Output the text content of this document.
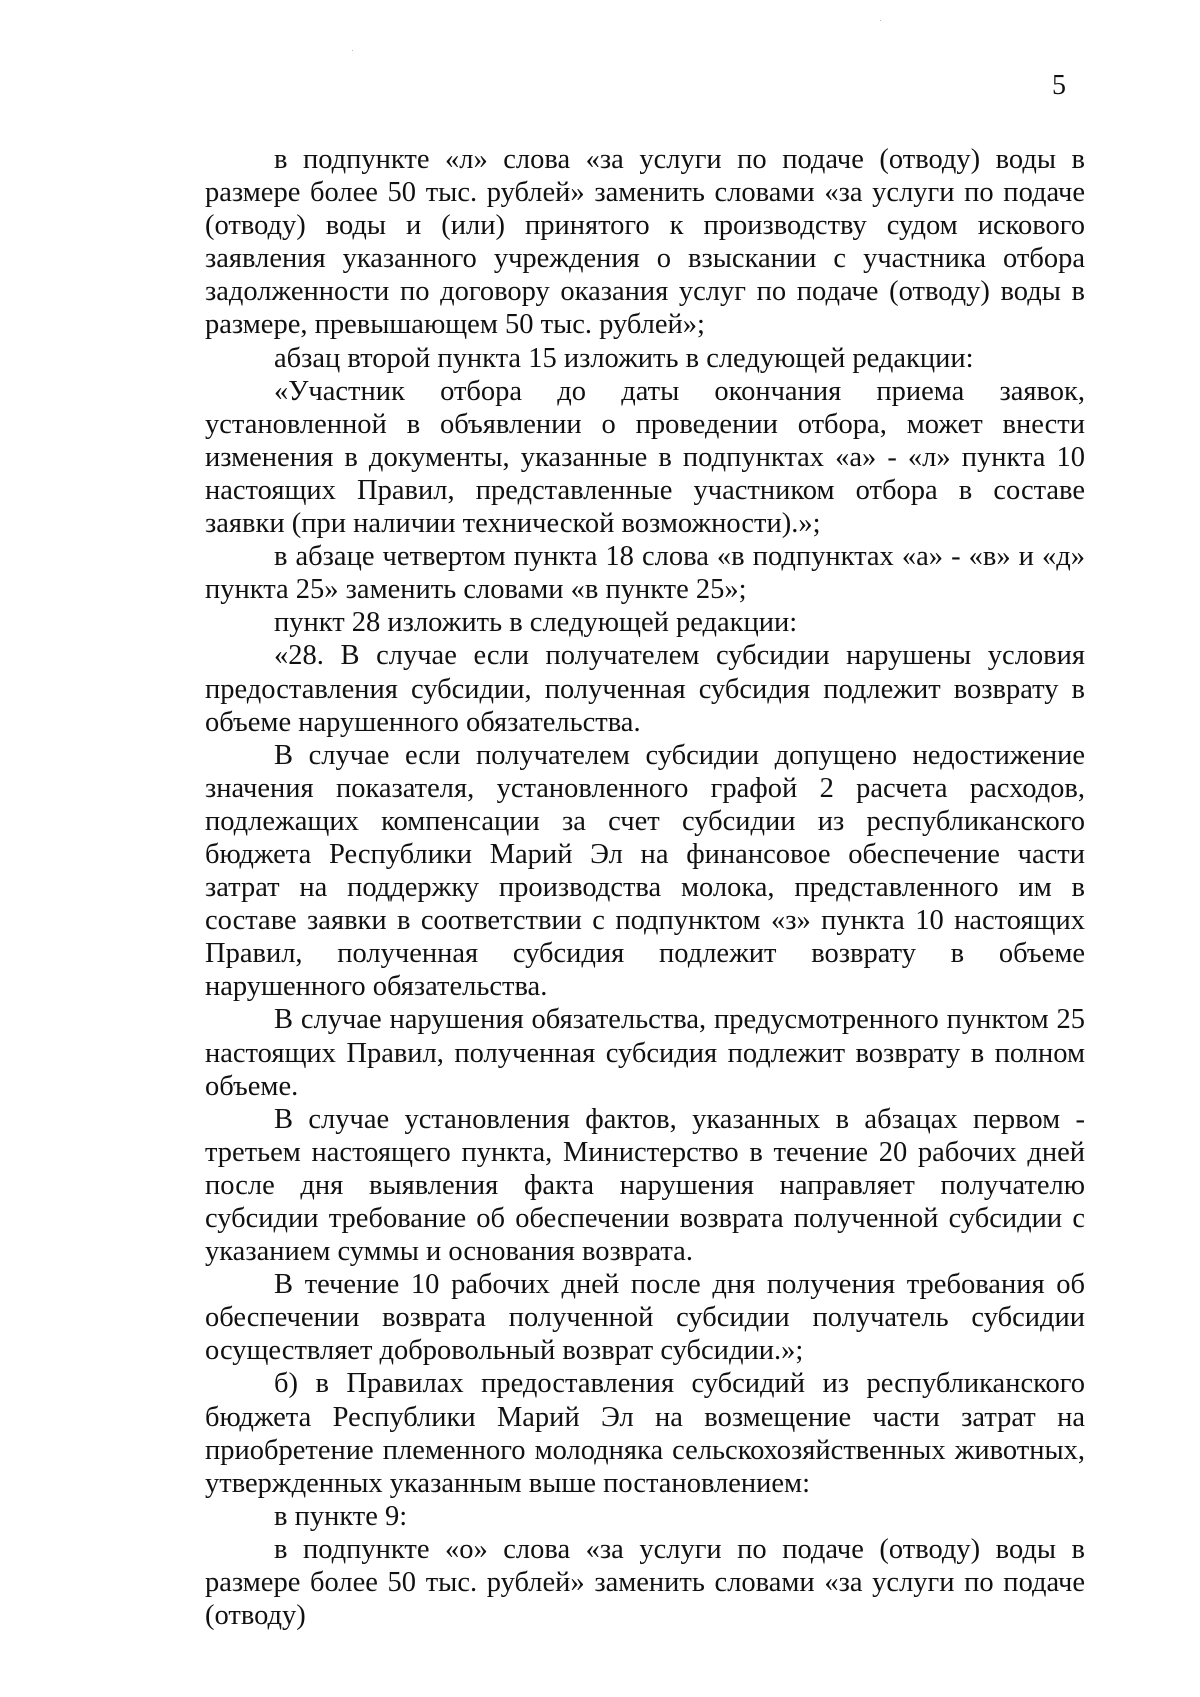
5

в подпункте «л» слова «за услуги по подаче (отводу) воды в размере более 50 тыс. рублей» заменить словами «за услуги по подаче (отводу) воды и (или) принятого к производству судом искового заявления указанного учреждения о взыскании с участника отбора задолженности по договору оказания услуг по подаче (отводу) воды в размере, превышающем 50 тыс. рублей»;

абзац второй пункта 15 изложить в следующей редакции:

«Участник отбора до даты окончания приема заявок, установленной в объявлении о проведении отбора, может внести изменения в документы, указанные в подпунктах «а» - «л» пункта 10 настоящих Правил, представленные участником отбора в составе заявки (при наличии технической возможности).»;

в абзаце четвертом пункта 18 слова «в подпунктах «а» - «в» и «д» пункта 25» заменить словами «в пункте 25»;

пункт 28 изложить в следующей редакции:

«28. В случае если получателем субсидии нарушены условия предоставления субсидии, полученная субсидия подлежит возврату в объеме нарушенного обязательства.

В случае если получателем субсидии допущено недостижение значения показателя, установленного графой 2 расчета расходов, подлежащих компенсации за счет субсидии из республиканского бюджета Республики Марий Эл на финансовое обеспечение части затрат на поддержку производства молока, представленного им в составе заявки в соответствии с подпунктом «з» пункта 10 настоящих Правил, полученная субсидия подлежит возврату в объеме нарушенного обязательства.

В случае нарушения обязательства, предусмотренного пунктом 25 настоящих Правил, полученная субсидия подлежит возврату в полном объеме.

В случае установления фактов, указанных в абзацах первом - третьем настоящего пункта, Министерство в течение 20 рабочих дней после дня выявления факта нарушения направляет получателю субсидии требование об обеспечении возврата полученной субсидии с указанием суммы и основания возврата.

В течение 10 рабочих дней после дня получения требования об обеспечении возврата полученной субсидии получатель субсидии осуществляет добровольный возврат субсидии.»;

б) в Правилах предоставления субсидий из республиканского бюджета Республики Марий Эл на возмещение части затрат на приобретение племенного молодняка сельскохозяйственных животных, утвержденных указанным выше постановлением:

в пункте 9:

в подпункте «о» слова «за услуги по подаче (отводу) воды в размере более 50 тыс. рублей» заменить словами «за услуги по подаче (отводу)
